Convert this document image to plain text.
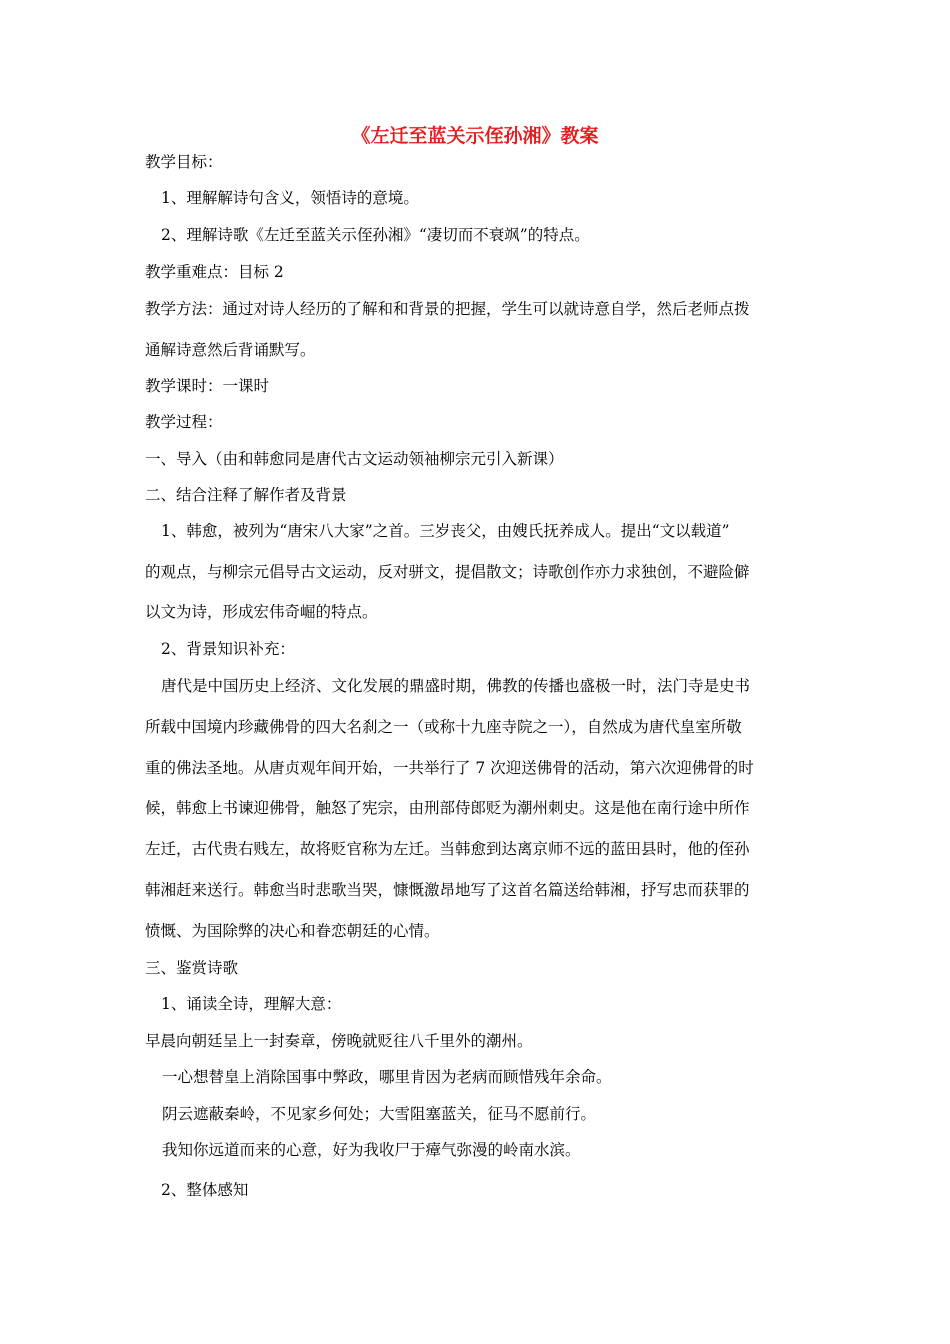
《左迁至蓝关示侄孙湘》教案
教学目标：
1、理解解诗句含义，领悟诗的意境。
2、理解诗歌《左迁至蓝关示侄孙湘》“凄切而不衰飒”的特点。
教学重难点：目标 2
教学方法：通过对诗人经历的了解和和背景的把握，学生可以就诗意自学，然后老师点拨
通解诗意然后背诵默写。
教学课时：一课时
教学过程：
一、导入（由和韩愈同是唐代古文运动领袖柳宗元引入新课）
二、结合注释了解作者及背景
1、韩愈，被列为“唐宋八大家”之首。三岁丧父，由嫂氏抚养成人。提出“文以载道”
的观点，与柳宗元倡导古文运动，反对骈文，提倡散文；诗歌创作亦力求独创，不避险僻
以文为诗，形成宏伟奇崛的特点。
2、背景知识补充：
唐代是中国历史上经济、文化发展的鼎盛时期，佛教的传播也盛极一时，法门寺是史书
所载中国境内珍藏佛骨的四大名刹之一（或称十九座寺院之一），自然成为唐代皇室所敬
重的佛法圣地。从唐贞观年间开始，一共举行了 7 次迎送佛骨的活动，第六次迎佛骨的时
候，韩愈上书谏迎佛骨，触怒了宪宗，由刑部侍郎贬为潮州刺史。这是他在南行途中所作
左迁，古代贵右贱左，故将贬官称为左迁。当韩愈到达离京师不远的蓝田县时，他的侄孙
韩湘赶来送行。韩愈当时悲歌当哭，慷慨激昂地写了这首名篇送给韩湘，抒写忠而获罪的
愤慨、为国除弊的决心和眷恋朝廷的心情。
三、鉴赏诗歌
1、诵读全诗，理解大意：
早晨向朝廷呈上一封奏章，傍晚就贬往八千里外的潮州。
一心想替皇上消除国事中弊政，哪里肯因为老病而顾惜残年余命。
阴云遮蔽秦岭，不见家乡何处；大雪阻塞蓝关，征马不愿前行。
我知你远道而来的心意，好为我收尸于瘴气弥漫的岭南水滨。
2、整体感知
